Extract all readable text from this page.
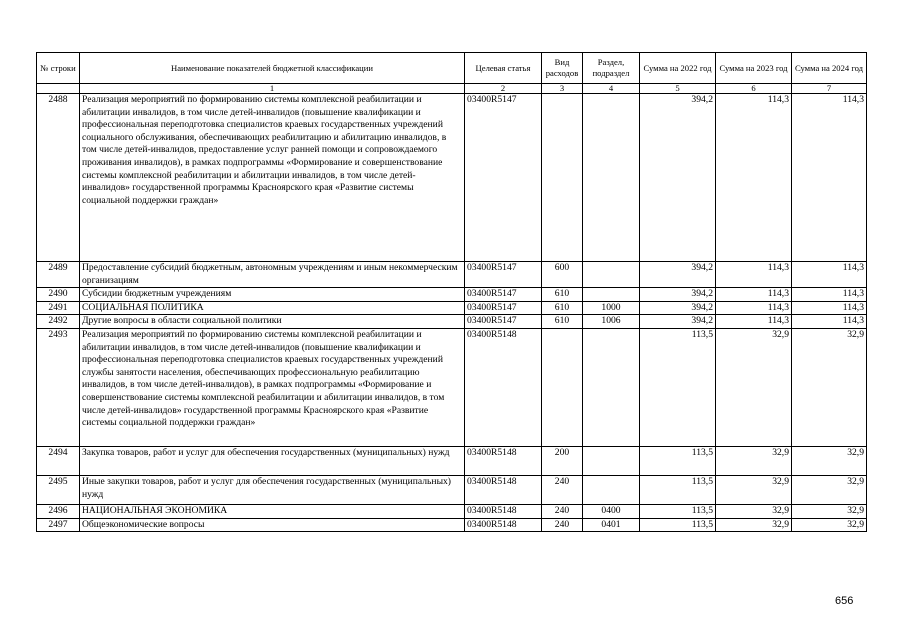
№ строки	Наименование показателей бюджетной классификации	Целевая статья	Вид расходов	Раздел, подраздел	Сумма на 2022 год	Сумма на 2023 год	Сумма на 2024 год
	1	2	3	4	5	6	7
2488	Реализация мероприятий по формированию системы комплексной реабилитации и абилитации инвалидов, в том числе детей-инвалидов (повышение квалификации и профессиональная переподготовка специалистов краевых государственных учреждений социального обслуживания, обеспечивающих реабилитацию и абилитацию инвалидов, в том числе детей-инвалидов, предоставление услуг ранней помощи и сопровождаемого проживания инвалидов), в рамках подпрограммы «Формирование и совершенствование системы комплексной реабилитации и абилитации инвалидов, в том числе детей-инвалидов» государственной программы Красноярского края «Развитие системы социальной поддержки граждан»	03400R5147			394,2	114,3	114,3
2489	Предоставление субсидий бюджетным, автономным учреждениям и иным некоммерческим организациям	03400R5147	600		394,2	114,3	114,3
2490	Субсидии бюджетным учреждениям	03400R5147	610		394,2	114,3	114,3
2491	СОЦИАЛЬНАЯ ПОЛИТИКА	03400R5147	610	1000	394,2	114,3	114,3
2492	Другие вопросы в области социальной политики	03400R5147	610	1006	394,2	114,3	114,3
2493	Реализация мероприятий по формированию системы комплексной реабилитации и абилитации инвалидов, в том числе детей-инвалидов (повышение квалификации и профессиональная переподготовка специалистов краевых государственных учреждений службы занятости населения, обеспечивающих профессиональную реабилитацию инвалидов, в том числе детей-инвалидов), в рамках подпрограммы «Формирование и совершенствование системы комплексной реабилитации и абилитации инвалидов, в том числе детей-инвалидов» государственной программы Красноярского края «Развитие системы социальной поддержки граждан»	03400R5148			113,5	32,9	32,9
2494	Закупка товаров, работ и услуг для обеспечения государственных (муниципальных) нужд	03400R5148	200		113,5	32,9	32,9
2495	Иные закупки товаров, работ и услуг для обеспечения государственных (муниципальных) нужд	03400R5148	240		113,5	32,9	32,9
2496	НАЦИОНАЛЬНАЯ ЭКОНОМИКА	03400R5148	240	0400	113,5	32,9	32,9
2497	Общеэкономические вопросы	03400R5148	240	0401	113,5	32,9	32,9
656
